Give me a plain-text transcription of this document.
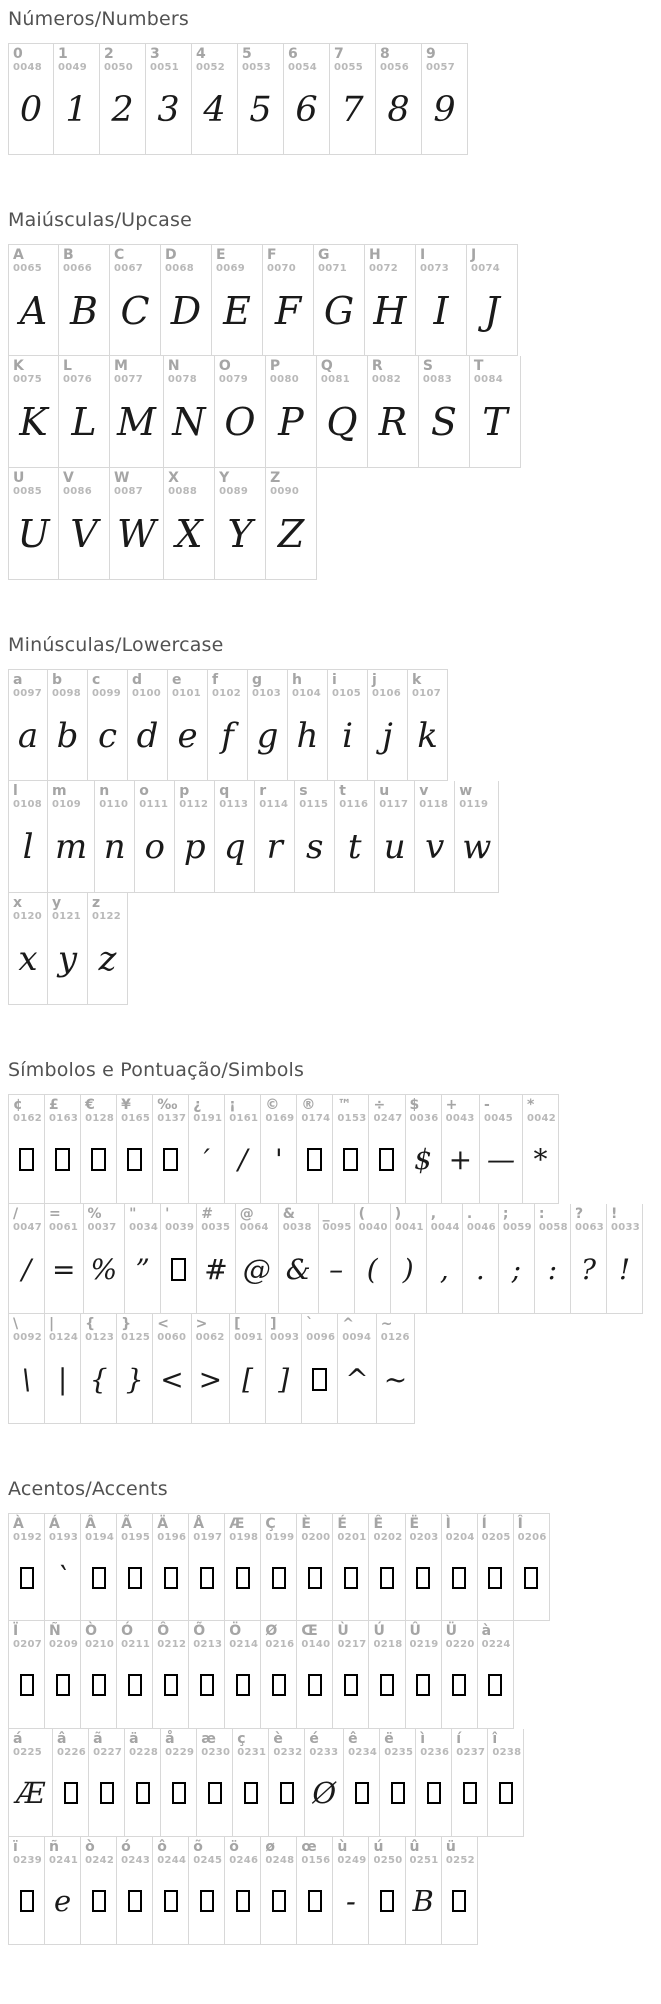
Números/Numbers
0
0048
0
1
0049
1
2
0050
2
3
0051
3
4
0052
4
5
0053
5
6
0054
6
7
0055
7
8
0056
8
9
0057
9
Maiúsculas/Upcase
A
0065
A
B
0066
B
C
0067
C
D
0068
D
E
0069
E
F
0070
F
G
0071
G
H
0072
H
I
0073
I
J
0074
J
K
0075
K
L
0076
L
M
0077
M
N
0078
N
O
0079
O
P
0080
P
Q
0081
Q
R
0082
R
S
0083
S
T
0084
T
U
0085
U
V
0086
V
W
0087
W
X
0088
X
Y
0089
Y
Z
0090
Z
Minúsculas/Lowercase
a
0097
a
b
0098
b
c
0099
c
d
0100
d
e
0101
e
f
0102
f
g
0103
g
h
0104
h
i
0105
i
j
0106
j
k
0107
k
l
0108
l
m
0109
m
n
0110
n
o
0111
o
p
0112
p
q
0113
q
r
0114
r
s
0115
s
t
0116
t
u
0117
u
v
0118
v
w
0119
w
x
0120
x
y
0121
y
z
0122
z
Símbolos e Pontuação/Simbols
¢
0162
£
0163
€
0128
¥
0165
‰
0137
¿
0191
′
¡
0161
/
©
0169
'
®
0174
™
0153
÷
0247
$
0036
$
+
0043
+
-
0045
—
*
0042
*
/
0047
/
=
0061
=
%
0037
%
"
0034
”
'
0039
#
0035
#
@
0064
@
&
0038
&
_
0095
–
(
0040
(
)
0041
)
,
0044
,
.
0046
.
;
0059
;
:
0058
:
?
0063
?
!
0033
!
\
0092
\
|
0124
|
{
0123
{
}
0125
}
<
0060
<
>
0062
>
[
0091
[
]
0093
]
`
0096
^
0094
^
~
0126
~
Acentos/Accents
À
0192
Á
0193
`
Â
0194
Ã
0195
Ä
0196
Å
0197
Æ
0198
Ç
0199
È
0200
É
0201
Ê
0202
Ë
0203
Ì
0204
Í
0205
Î
0206
Ï
0207
Ñ
0209
Ò
0210
Ó
0211
Ô
0212
Õ
0213
Ö
0214
Ø
0216
Œ
0140
Ù
0217
Ú
0218
Û
0219
Ü
0220
à
0224
á
0225
Æ
â
0226
ã
0227
ä
0228
å
0229
æ
0230
ç
0231
è
0232
é
0233
Ø
ê
0234
ë
0235
ì
0236
í
0237
î
0238
ï
0239
ñ
0241
e
ò
0242
ó
0243
ô
0244
õ
0245
ö
0246
ø
0248
œ
0156
ù
0249
-
ú
0250
û
0251
B
ü
0252
